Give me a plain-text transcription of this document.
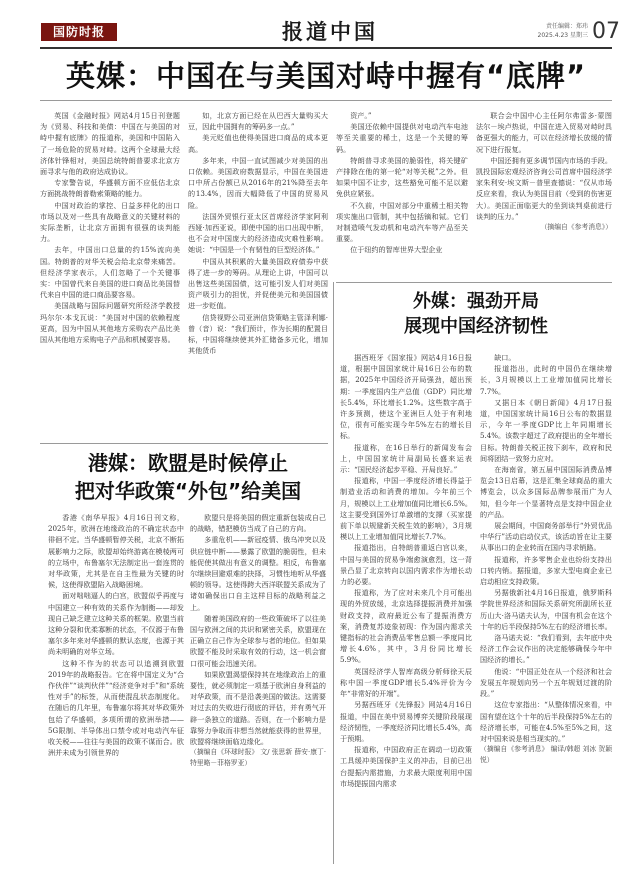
国防时报	报道中国	责任编辑：郑玮
2025.4.23 星期三 07
英媒：中国在与美国对峙中握有“底牌”

英国《金融时报》网站4月15日刊登题为《贸易、科技和美债：中国在与美国的对峙中握有底牌》的报道称，美国和中国陷入了一场危险的贸易对峙。这两个全球最大经济体针锋相对，美国总统特朗普要求北京方面寻求与他的政府达成协议。

专家警告说，华盛顿方面不应低估北京方面挑战特朗普勒索策略的能力。

中国对政治的掌控、日益多样化的出口市场以及对一些具有战略意义的关键材料的实际垄断，让北京方面拥有很强的谈判能力。

去年，中国出口总量的约15%流向美国。特朗普的对华关税会给北京带来痛苦。但经济学家表示，人们忽略了一个关键事实：中国曾代来自美国的进口商品比美国替代来自中国的进口商品要容易。

美国战略与国际问题研究所经济学教授玛尔尔·本戈瓦说：“美国对中国的依赖程度更高，因为中国从其他地方采购农产品比美国从其他地方采购电子产品和机械要容易。

如，北京方面已经在从巴西大量购买大豆，因此中国拥有的筹码多一点。”

美元贬值也使得美国进口商品的成本更高。

多年来，中国一直试图减少对美国的出口依赖。美国政府数据显示，中国在美国进口中所占份额已从2016年的21%降至去年的13.4%，因而大幅降低了中国的贸易风险。

法国外贸银行亚太区首席经济学家阿利西娅·加西亚说，即使中国的出口出现中断，也不会对中国庞大的经济造成灾难性影响。她说：“中国是一个有韧性的巨型经济体。”

中国从其积累的大量美国政府债券中获得了进一步的筹码。从理论上讲，中国可以出售这些美国国债，这可能引发人们对美国资产吸引力的担忧，并促使美元和美国国债进一步贬值。

信贷视野公司亚洲信贷策略主管泽利娜·曾（音）说：“我们预计，作为长期的配置目标，中国将继续使其外汇储备多元化，增加其他货币

资产。”

美国还依赖中国提供对电动汽车电池等至关重要的稀土，这是一个关键的筹码。

特朗普寻求美国的脆弱性，将关键矿产排除在他的第一轮“对等关税”之外。但如果中国不让步，这些豁免可能不足以避免供应紧张。

不久前，中国对部分中重稀土相关物项实施出口管制，其中包括镝和铽。它们对制造喷气发动机和电动汽车等产品至关重要。

位于纽约的智库世界大型企业

联合会中国中心主任阿尔弗雷多·蒙图法尔－埃卢热说，中国在进入贸易对峙时具备更强大的能力，可以在经济增长放缓的情况下进行报复。

中国还拥有更多调节国内市场的手段。凯投国际宏观经济咨询公司首席中国经济学家朱利安·埃文斯－普里查德说：“仅从市场反应来看，我认为美国目前（受到的伤害更大）。美国正面临更大的坐到谈判桌前进行谈判的压力。”

（摘编自《参考消息》）

外媒：强劲开局
展现中国经济韧性

据西班牙《国家报》网站4月16日报道，根据中国国家统计局16日公布的数据，2025年中国经济开局强劲，超出预期：一季度国内生产总值（GDP）同比增长5.4%，环比增长1.2%。这些数字高于许多预测，使这个亚洲巨人处于有利地位，很有可能实现今年5%左右的增长目标。

报道称，在16日举行的新闻发布会上，中国国家统计局副局长盛来运表示：“国民经济起步平稳、开局良好。”

报道称，中国一季度经济增长得益于制造业活动和消费的增加。今年前三个月，规模以上工业增加值同比增长6.5%。这主要受到国外订单激增的支撑（买家提前下单以规避新关税生效的影响），3月规模以上工业增加值同比增长7.7%。

报道指出，自特朗普重返白宫以来，中国与美国的贸易争端愈演愈烈，这一背景凸显了北京转向以国内需求作为增长动力的必要。

报道称，为了应对未来几个月可能出现的外贸放缓，北京选择提振消费并加强财政支持，政府最近公布了提振消费方案，消费复苏迹象初现：作为国内需求关键指标的社会消费品零售总额一季度同比增长4.6%，其中，3月份同比增长5.9%。

英国经济学人智库高级分析师徐天辰称中国一季度GDP增长5.4%评价为今年“非常好的开端”。

另据西班牙《先锋报》网站4月16日报道，中国在美中贸易博弈关键阶段展现经济韧性，一季度经济同比增长5.4%，高于预期。

报道称，中国政府正在调动一切政策工具缓冲美国保护主义的冲击，目前已出台提振内需措施，力求最大限度利用中国市场提振国内需求

缺口。

报道指出，此时的中国仍在继续增长，3月规模以上工业增加值同比增长7.7%。

又据日本《朝日新闻》4月17日报道，中国国家统计局16日公布的数据显示，今年一季度GDP比上年同期增长5.4%。该数字超过了政府提出的全年增长目标。特朗普关税正按下刹车，政府和民间将团结一致努力应对。

在海南省，第五届中国国际消费品博览会13日启幕，这是汇集全球商品的重大博览会，以众多国际品牌参展而广为人知，但今年一个显著特点是支持中国企业的产品。

展会期间，中国商务部举行“外贸优品中华行”活动启动仪式，该活动旨在让主要从事出口的企业转而在国内寻求销路。

报道称，许多零售企业也纷纷支持出口转内销。据报道，多家大型电商企业已启动相应支持政策。

另据俄新社4月16日报道，俄罗斯科学院世界经济和国际关系研究所副所长亚历山大·洛马诺夫认为，中国有机会在这个十年的后半段保持5%左右的经济增长率。

洛马诺夫说：“我们看到，去年底中央经济工作会议作出的决定能够确保今年中国经济的增长。”

他说：“中国正处在从一个经济和社会发展五年规划向另一个五年规划过渡的阶段。”

这位专家指出：“从整体情况来看，中国有望在这个十年的后半段保持5%左右的经济增长率，可能在4.5%至5%之间，这对中国来说是相当现实的。”

（摘编自《参考消息》 编译/韩超 刘冰 贺颖悦）

港媒：欧盟是时候停止
把对华政策“外包”给美国

香港《南华早报》4月16日刊文称，2025年，欧洲在地缘政治的不确定状态中徘徊不定。当华盛顿暂停关税，北京不断拓展影响力之际，欧盟却始终游离在模棱两可的立场中，布鲁塞尔无法制定出一套连贯的对华政策，尤其是在自主性最为关键的时候，这使得欧盟陷入战略困境。

面对咄咄逼人的白宫，欧盟似乎再度与中国建立一种有效的关系作为制衡——却发现自己缺乏建立这种关系的框架。欧盟当前这种分裂和优柔寡断的状态，不仅源于布鲁塞尔多年来对华盛顿的默认态度，也源于其尚未明确的对华立场。

这种不作为的状态可以追溯到欧盟2019年的战略报告。它在将中国定义为“合作伙伴”“谈判伙伴”“经济竞争对手”和“系统性对手”的标签，从而使混乱状态制度化。在随后的几年里，布鲁塞尔将其对华政策外包给了华盛顿，多项所谓的欧洲举措——5G限制、半导体出口禁令或对电动汽车征收关税——往往与美国的政策不谋而合。欧洲并未成为引领世界的

欧盟只是将美国的假定重新包装成自己的战略，错把模仿当成了自己的方向。

多重危机——新冠疫情、俄乌冲突以及供应链中断——暴露了欧盟的脆弱性，但未能促使其做出有意义的调整。相反，布鲁塞尔继续回避艰难的抉择，习惯性地听从华盛顿的领导。这使得跨大西洋联盟关系成为了诸如确保出口自主这样目标的战略利益之上。

随着美国政府的一些政策破坏了以往美国与欧洲之间的共识和紧密关系，欧盟现在正确立自己作为全球参与者的地位。但如果欧盟不能及时采取有效的行动，这一机会窗口很可能会迅速关闭。

如果欧盟渴望保持其在地缘政治上的重要性，就必须制定一项基于欧洲自身利益的对华政策，而不是沿袭美国的做法。这需要对过去的失败进行彻底的评估，并有勇气开辟一条独立的道路。否则，在一个影响力是靠努力争取而非想当然就能获得的世界里，欧盟将继续面临边缘化。

（摘编自《环球时报》 文/ 张思新 薛安·康丁·特里略－菲格罗亚）
